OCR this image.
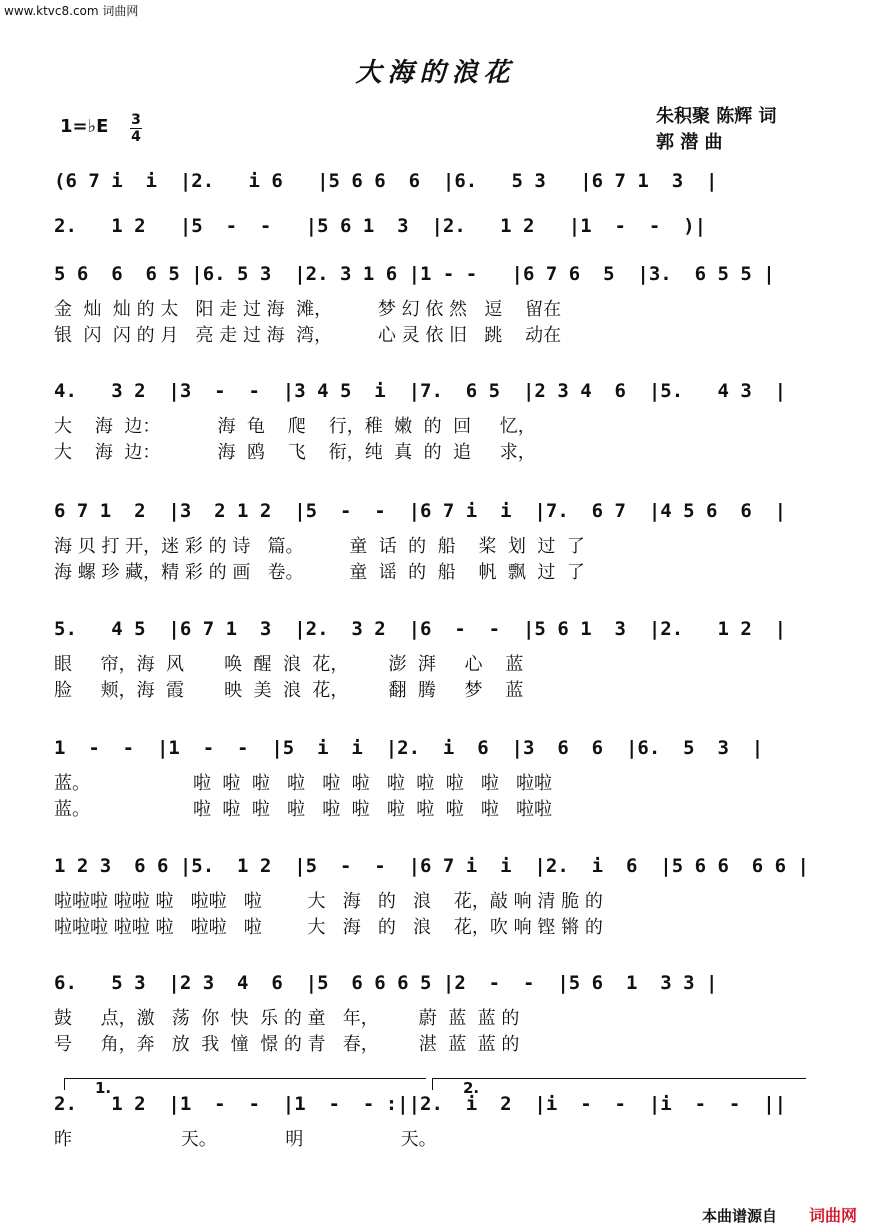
www.ktvc8.com 词曲网
大海的浪花
1=♭E 3
4
朱积聚 陈辉 词
郭 潜 曲
(6 7 i  i  |2.   i 6   |5 6 6  6  |6.   5 3   |6 7 1  3  |
2.   1 2   |5  -  -   |5 6 1  3  |2.   1 2   |1  -  -  )|
5 6  6  6 5 |6. 5 3  |2. 3 1 6 |1 - -   |6 7 6  5  |3.  6 5 5 |
金  灿  灿 的 太   阳 走 过 海  滩，        梦 幻 依 然   逗    留在
银  闪  闪 的 月   亮 走 过 海  湾，        心 灵 依 旧   跳    动在
4.   3 2  |3  -  -  |3 4 5  i  |7.  6 5  |2 3 4  6  |5.   4 3  |
大    海  边：          海  龟    爬    行，稚  嫩  的  回     忆，
大    海  边：          海  鸥    飞    衔，纯  真  的  追     求，
6 7 1  2  |3  2 1 2  |5  -  -  |6 7 i  i  |7.  6 7  |4 5 6  6  |
海 贝 打 开，迷 彩 的 诗   篇。        童  话  的  船    桨  划  过  了
海 螺 珍 藏，精 彩 的 画   卷。        童  谣  的  船    帆  飘  过  了
5.   4 5  |6 7 1  3  |2.  3 2  |6  -  -  |5 6 1  3  |2.   1 2  |
眼     帘，海  风       唤  醒  浪  花，       澎  湃     心    蓝
脸     颊，海  霞       映  美  浪  花，       翻  腾     梦    蓝
1  -  -  |1  -  -  |5  i  i  |2.  i  6  |3  6  6  |6.  5  3  |
蓝。                  啦  啦  啦   啦   啦  啦   啦  啦  啦   啦   啦啦
蓝。                  啦  啦  啦   啦   啦  啦   啦  啦  啦   啦   啦啦
1 2 3  6 6 |5.  1 2  |5  -  -  |6 7 i  i  |2.  i  6  |5 6 6  6 6 |
啦啦啦 啦啦 啦   啦啦   啦        大   海   的   浪    花，敲 响 清 脆 的
啦啦啦 啦啦 啦   啦啦   啦        大   海   的   浪    花，吹 响 铿 锵 的
6.   5 3  |2 3  4  6  |5  6 6 6 5 |2  -  -  |5 6  1  3 3 |
鼓     点，激   荡  你  快  乐 的 童   年，       蔚  蓝  蓝 的
号     角，奔   放  我  憧  憬 的 青   春，       湛  蓝  蓝 的
2.   1 2  |1  -  -  |1  -  - :||2.  i  2  |i  -  -  |i  -  -  ||
昨                   天。            明                 天。
1.	2.
本曲谱源自 词曲网
